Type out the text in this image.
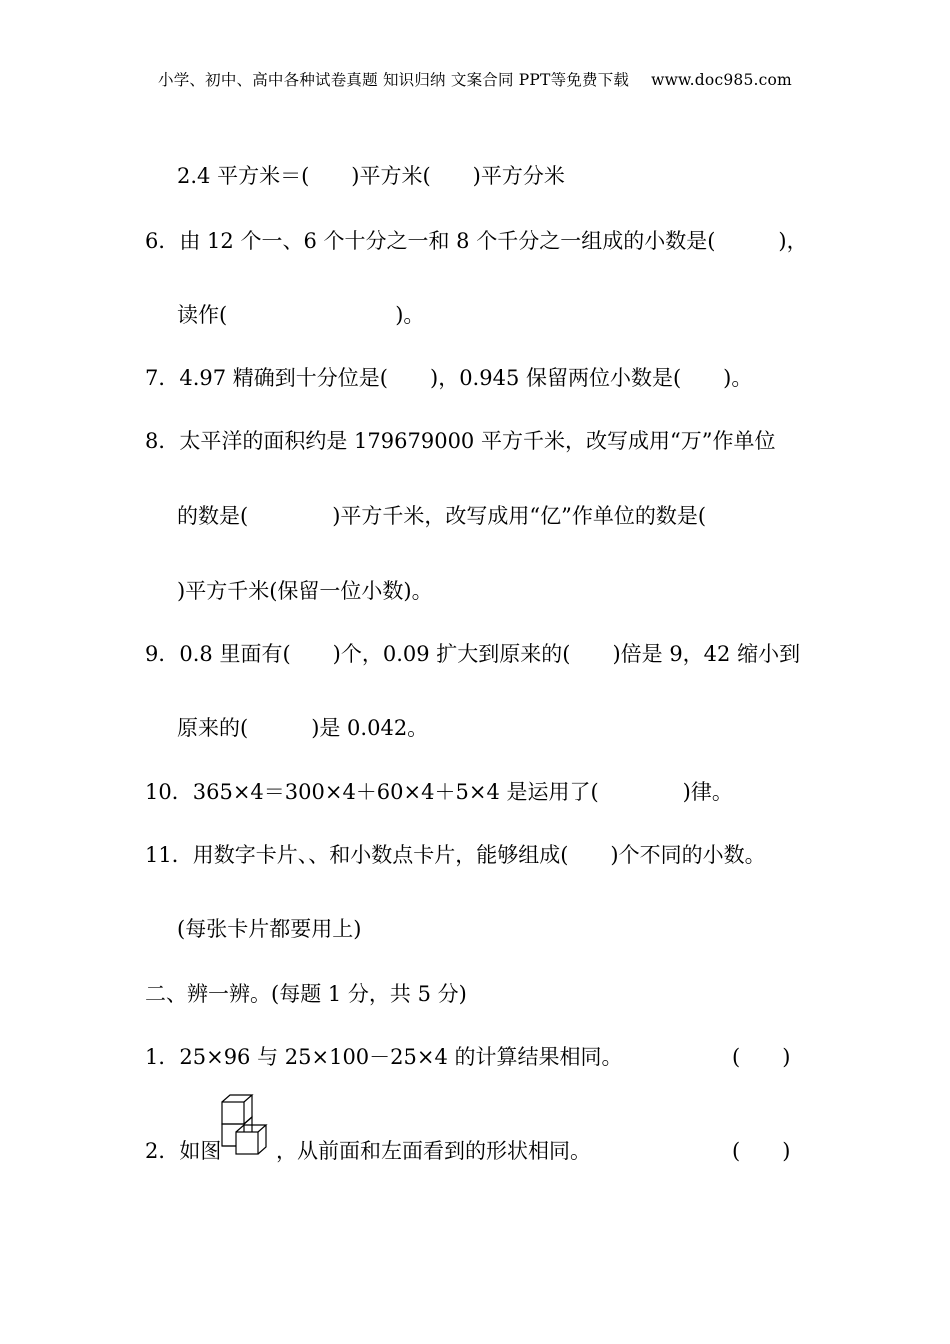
小学、初中、高中各种试卷真题 知识归纳 文案合同 PPT等免费下载 www.doc985.com
2.4 平方米＝(　　)平方米(　　)平方分米
6．由 12 个一、6 个十分之一和 8 个千分之一组成的小数是(　　　)，
读作(　　　　　　　　)。
7．4.97 精确到十分位是(　　)，0.945 保留两位小数是(　　)。
8．太平洋的面积约是 179679000 平方千米，改写成用“万”作单位
的数是(　　　　)平方千米，改写成用“亿”作单位的数是(
)平方千米(保留一位小数)。
9．0.8 里面有(　　)个，0.09 扩大到原来的(　　)倍是 9，42 缩小到
原来的(　　　)是 0.042。
10．365×4＝300×4＋60×4＋5×4 是运用了(　　　　)律。
11．用数字卡片、、和小数点卡片，能够组成(　　)个不同的小数。
(每张卡片都要用上)
二、辨一辨。(每题 1 分，共 5 分)
1．25×96 与 25×100－25×4 的计算结果相同。	(　　)
2．如图	，从前面和左面看到的形状相同。	(　　)
